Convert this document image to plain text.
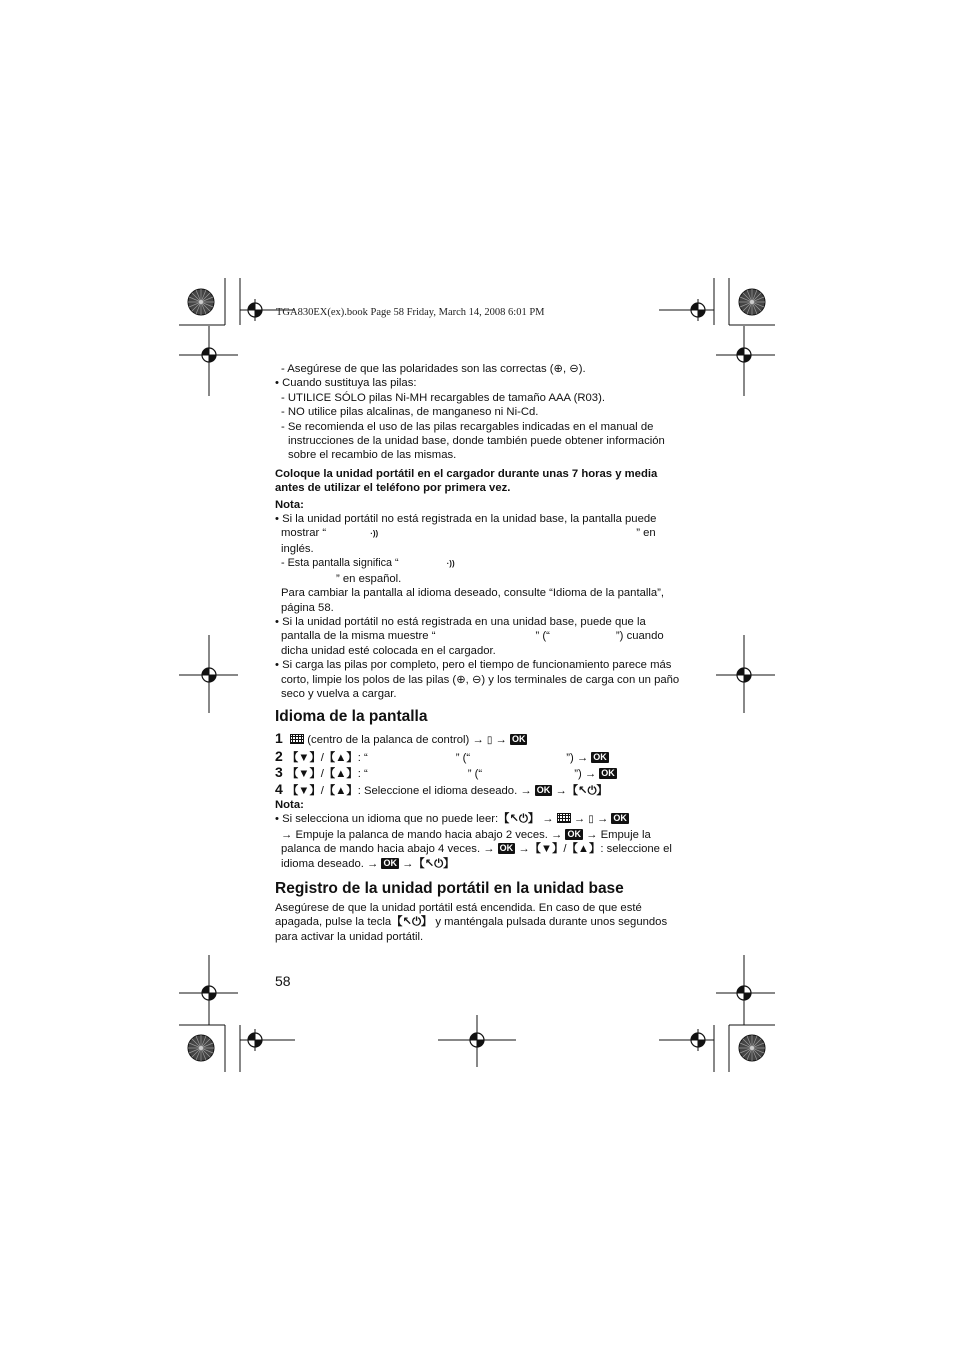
TGA830EX(ex).book Page 58 Friday, March 14, 2008 6:01 PM
- Asegúrese de que las polaridades son las correctas (⊕, ⊖).
• Cuando sustituya las pilas:
- UTILICE SÓLO pilas Ni-MH recargables de tamaño AAA (R03).
- NO utilice pilas alcalinas, de manganeso ni Ni-Cd.
- Se recomienda el uso de las pilas recargables indicadas en el manual de instrucciones de la unidad base, donde también puede obtener información sobre el recambio de las mismas.
Coloque la unidad portátil en el cargador durante unas 7 horas y media antes de utilizar el teléfono por primera vez.
Nota:
• Si la unidad portátil no está registrada en la unidad base, la pantalla puede
mostrar “	·))	” en
inglés.
- Esta pantalla significa “	·))
” en español.
Para cambiar la pantalla al idioma deseado, consulte “Idioma de la pantalla”, página 58.
• Si la unidad portátil no está registrada en una unidad base, puede que la
pantalla de la misma muestre “	” (“	”) cuando
dicha unidad esté colocada en el cargador.
• Si carga las pilas por completo, pero el tiempo de funcionamiento parece más corto, limpie los polos de las pilas (⊕, ⊖) y los terminales de carga con un paño seco y vuelva a cargar.
Idioma de la pantalla
1 (centro de la palanca de control) → ▯ → OK
2 【▼】/【▲】: “	” (“	”) → OK
3 【▼】/【▲】: “	” (“	”) → OK
4 【▼】/【▲】: Seleccione el idioma deseado. → OK →【↖⏻】
Nota:
• Si selecciona un idioma que no puede leer:【↖⏻】 → → ▯ → OK
→ Empuje la palanca de mando hacia abajo 2 veces. → OK → Empuje la
palanca de mando hacia abajo 4 veces. → OK →【▼】/【▲】: seleccione el
idioma deseado. → OK →【↖⏻】
Registro de la unidad portátil en la unidad base
Asegúrese de que la unidad portátil está encendida. En caso de que esté apagada, pulse la tecla【↖⏻】 y manténgala pulsada durante unos segundos para activar la unidad portátil.
58
